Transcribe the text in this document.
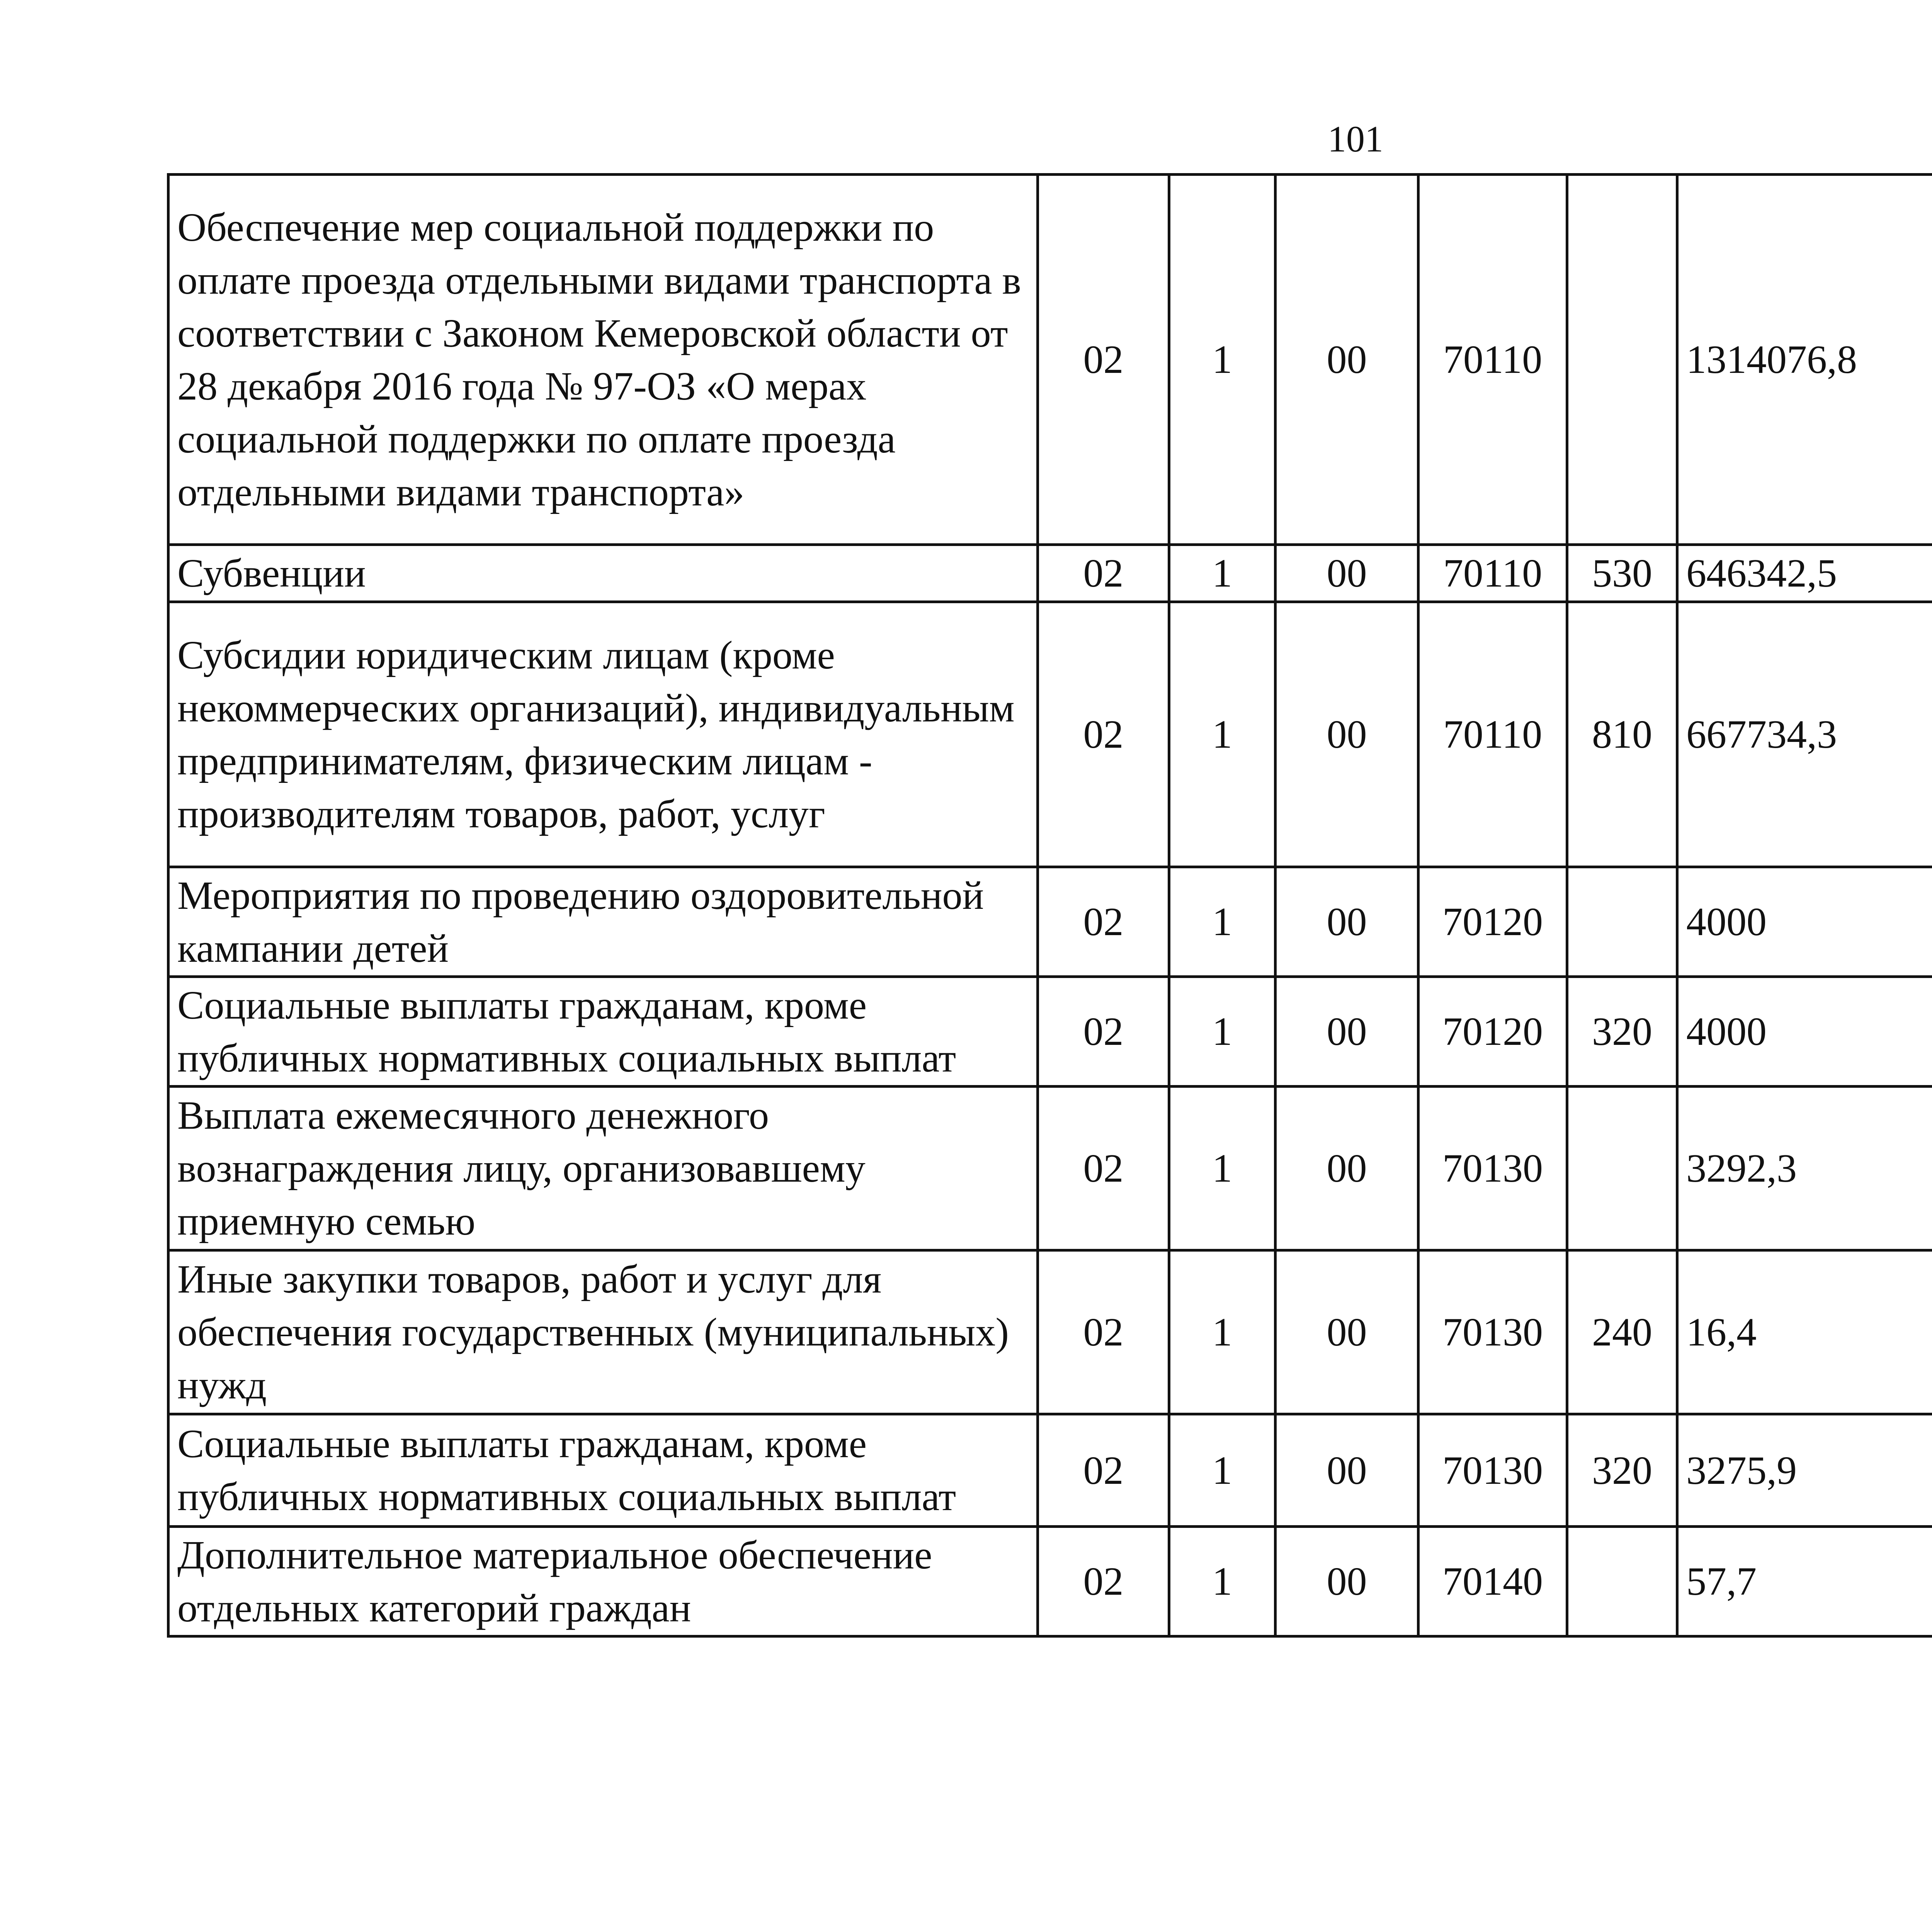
101
Обеспечение мер социальной поддержки по оплате проезда отдельными видами транспорта в соответствии с Законом Кемеровской области от 28 декабря 2016 года № 97-ОЗ «О мерах социальной поддержки по оплате проезда отдельными видами транспорта»	02	1	00	70110		1314076,8		
Субвенции	02	1	00	70110	530	646342,5		
Субсидии юридическим лицам (кроме некоммерческих организаций), индивидуальным предпринимателям, физическим лицам - производителям товаров, работ, услуг	02	1	00	70110	810	667734,3		
Мероприятия по проведению оздоровительной кампании детей	02	1	00	70120		4000		
Социальные выплаты гражданам, кроме публичных нормативных социальных выплат	02	1	00	70120	320	4000		
Выплата ежемесячного денежного вознаграждения лицу, организовавшему приемную семью	02	1	00	70130		3292,3		
Иные закупки товаров, работ и услуг для обеспечения государственных (муниципальных) нужд	02	1	00	70130	240	16,4		
Социальные выплаты гражданам, кроме публичных нормативных социальных выплат	02	1	00	70130	320	3275,9		
Дополнительное материальное обеспечение отдельных категорий граждан	02	1	00	70140		57,7		
